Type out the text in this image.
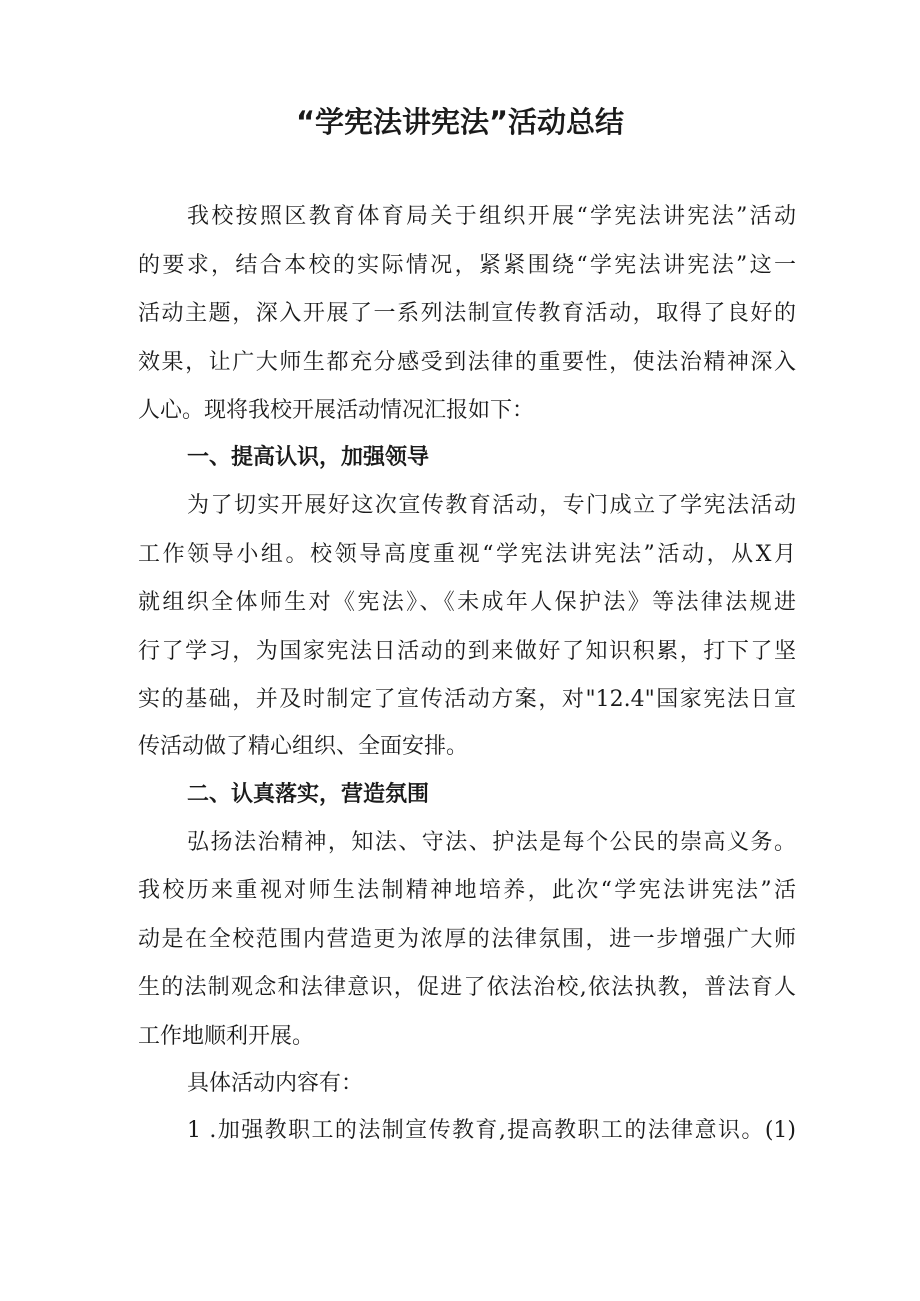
“学宪法讲宪法”活动总结
我校按照区教育体育局关于组织开展“学宪法讲宪法”活动
的要求，结合本校的实际情况，紧紧围绕“学宪法讲宪法”这一
活动主题，深入开展了一系列法制宣传教育活动，取得了良好的
效果，让广大师生都充分感受到法律的重要性，使法治精神深入
人心。现将我校开展活动情况汇报如下：
一、提高认识，加强领导
为了切实开展好这次宣传教育活动，专门成立了学宪法活动
工作领导小组。校领导高度重视“学宪法讲宪法”活动，从X月
就组织全体师生对《宪法》、《未成年人保护法》等法律法规进
行了学习，为国家宪法日活动的到来做好了知识积累，打下了坚
实的基础，并及时制定了宣传活动方案，对"12.4"国家宪法日宣
传活动做了精心组织、全面安排。
二、认真落实，营造氛围
弘扬法治精神，知法、守法、护法是每个公民的崇高义务。
我校历来重视对师生法制精神地培养，此次“学宪法讲宪法”活
动是在全校范围内营造更为浓厚的法律氛围，进一步增强广大师
生的法制观念和法律意识，促进了依法治校,依法执教，普法育人
工作地顺利开展。
具体活动内容有：
1 .加强教职工的法制宣传教育,提高教职工的法律意识。(1)
